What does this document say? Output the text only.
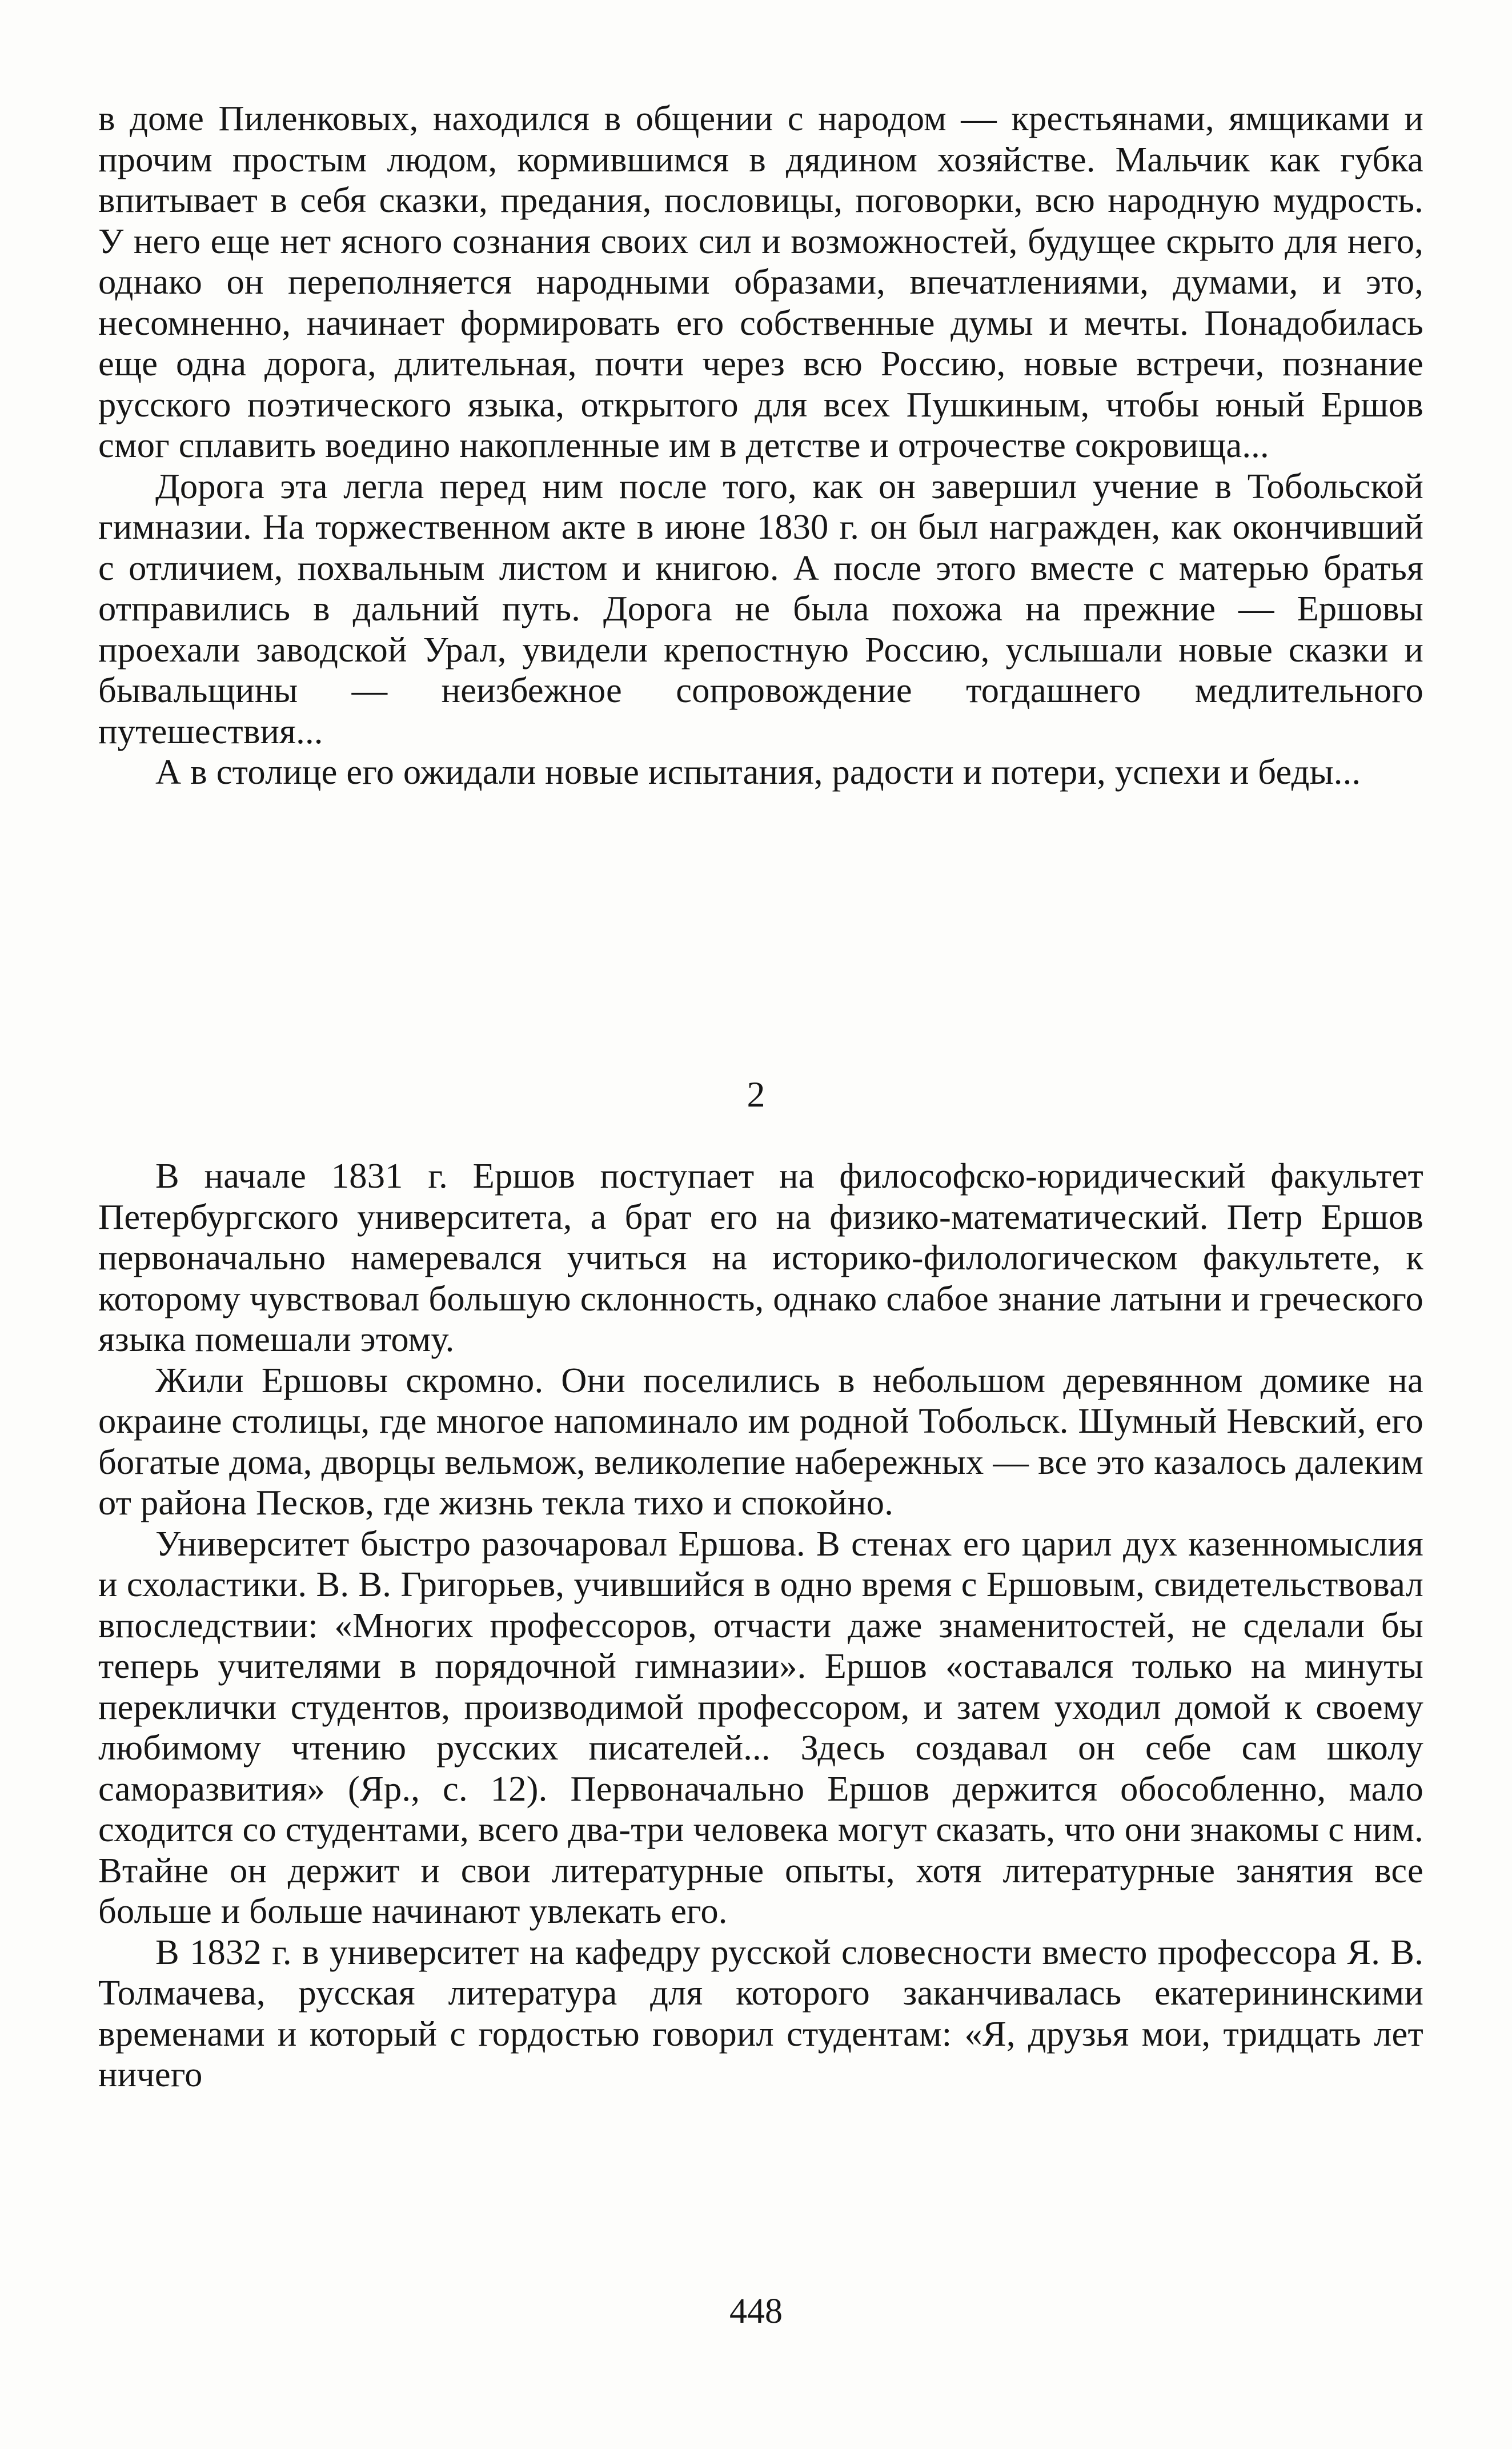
в доме Пиленковых, находился в общении с народом — крестьянами, ямщиками и прочим простым людом, кормившимся в дядином хозяйстве. Мальчик как губка впитывает в себя сказки, предания, пословицы, поговорки, всю народную мудрость. У него еще нет ясного сознания своих сил и возможностей, будущее скрыто для него, однако он переполняется народными образами, впечатлениями, думами, и это, несомненно, начинает формировать его собственные думы и мечты. Понадобилась еще одна дорога, длительная, почти через всю Россию, новые встречи, познание русского поэтического языка, открытого для всех Пушкиным, чтобы юный Ершов смог сплавить воедино накопленные им в детстве и отрочестве сокровища...

Дорога эта легла перед ним после того, как он завершил учение в Тобольской гимназии. На торжественном акте в июне 1830 г. он был награжден, как окончивший с отличием, похвальным листом и книгою. А после этого вместе с матерью братья отправились в дальний путь. Дорога не была похожа на прежние — Ершовы проехали заводской Урал, увидели крепостную Россию, услышали новые сказки и бывальщины — неизбежное сопровождение тогдашнего медлительного путешествия...

А в столице его ожидали новые испытания, радости и потери, успехи и беды...

2

В начале 1831 г. Ершов поступает на философско-юридический факультет Петербургского университета, а брат его на физико-математический. Петр Ершов первоначально намеревался учиться на историко-филологическом факультете, к которому чувствовал большую склонность, однако слабое знание латыни и греческого языка помешали этому.

Жили Ершовы скромно. Они поселились в небольшом деревянном домике на окраине столицы, где многое напоминало им родной Тобольск. Шумный Невский, его богатые дома, дворцы вельмож, великолепие набережных — все это казалось далеким от района Песков, где жизнь текла тихо и спокойно.

Университет быстро разочаровал Ершова. В стенах его царил дух казенномыслия и схоластики. В. В. Григорьев, учившийся в одно время с Ершовым, свидетельствовал впоследствии: «Многих профессоров, отчасти даже знаменитостей, не сделали бы теперь учителями в порядочной гимназии». Ершов «оставался только на минуты переклички студентов, производимой профессором, и затем уходил домой к своему любимому чтению русских писателей... Здесь создавал он себе сам школу саморазвития» (Яр., с. 12). Первоначально Ершов держится обособленно, мало сходится со студентами, всего два-три человека могут сказать, что они знакомы с ним. Втайне он держит и свои литературные опыты, хотя литературные занятия все больше и больше начинают увлекать его.

В 1832 г. в университет на кафедру русской словесности вместо профессора Я. В. Толмачева, русская литература для которого заканчивалась екатерининскими временами и который с гордостью говорил студентам: «Я, друзья мои, тридцать лет ничего

448
